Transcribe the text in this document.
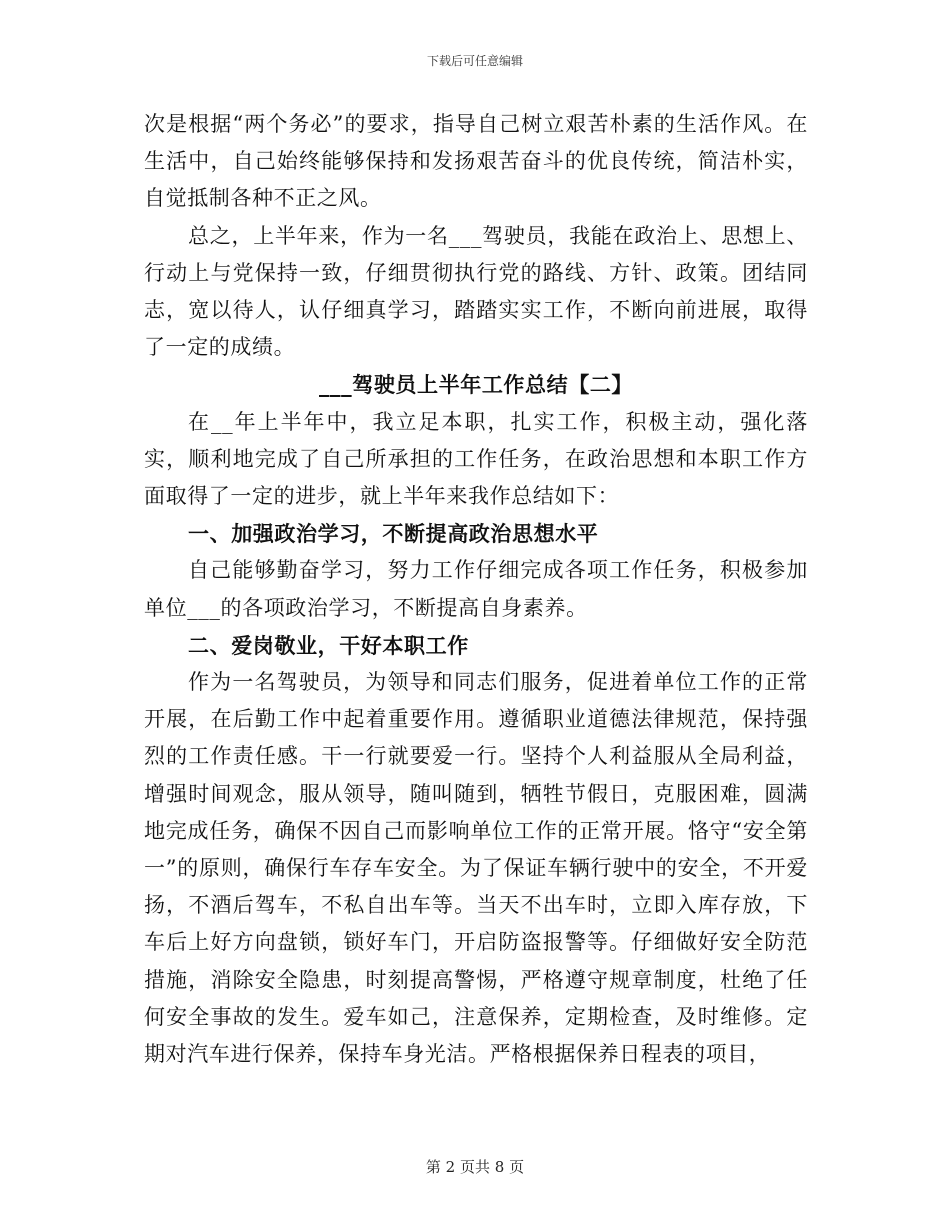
下载后可任意编辑

次是根据“两个务必”的要求，指导自己树立艰苦朴素的生活作风。在生活中，自己始终能够保持和发扬艰苦奋斗的优良传统，简洁朴实，自觉抵制各种不正之风。

总之，上半年来，作为一名___驾驶员，我能在政治上、思想上、行动上与党保持一致，仔细贯彻执行党的路线、方针、政策。团结同志，宽以待人，认仔细真学习，踏踏实实工作，不断向前进展，取得了一定的成绩。

___驾驶员上半年工作总结【二】

在__年上半年中，我立足本职，扎实工作，积极主动，强化落实，顺利地完成了自己所承担的工作任务，在政治思想和本职工作方面取得了一定的进步，就上半年来我作总结如下：

一、加强政治学习，不断提高政治思想水平

自己能够勤奋学习，努力工作仔细完成各项工作任务，积极参加单位___的各项政治学习，不断提高自身素养。

二、爱岗敬业，干好本职工作

作为一名驾驶员，为领导和同志们服务，促进着单位工作的正常开展，在后勤工作中起着重要作用。遵循职业道德法律规范，保持强烈的工作责任感。干一行就要爱一行。坚持个人利益服从全局利益，增强时间观念，服从领导，随叫随到，牺牲节假日，克服困难，圆满地完成任务，确保不因自己而影响单位工作的正常开展。恪守“安全第一”的原则，确保行车存车安全。为了保证车辆行驶中的安全，不开爱扬，不酒后驾车，不私自出车等。当天不出车时，立即入库存放，下车后上好方向盘锁，锁好车门，开启防盗报警等。仔细做好安全防范措施，消除安全隐患，时刻提高警惕，严格遵守规章制度，杜绝了任何安全事故的发生。爱车如己，注意保养，定期检查，及时维修。定期对汽车进行保养，保持车身光洁。严格根据保养日程表的项目，

第 2 页共 8 页
